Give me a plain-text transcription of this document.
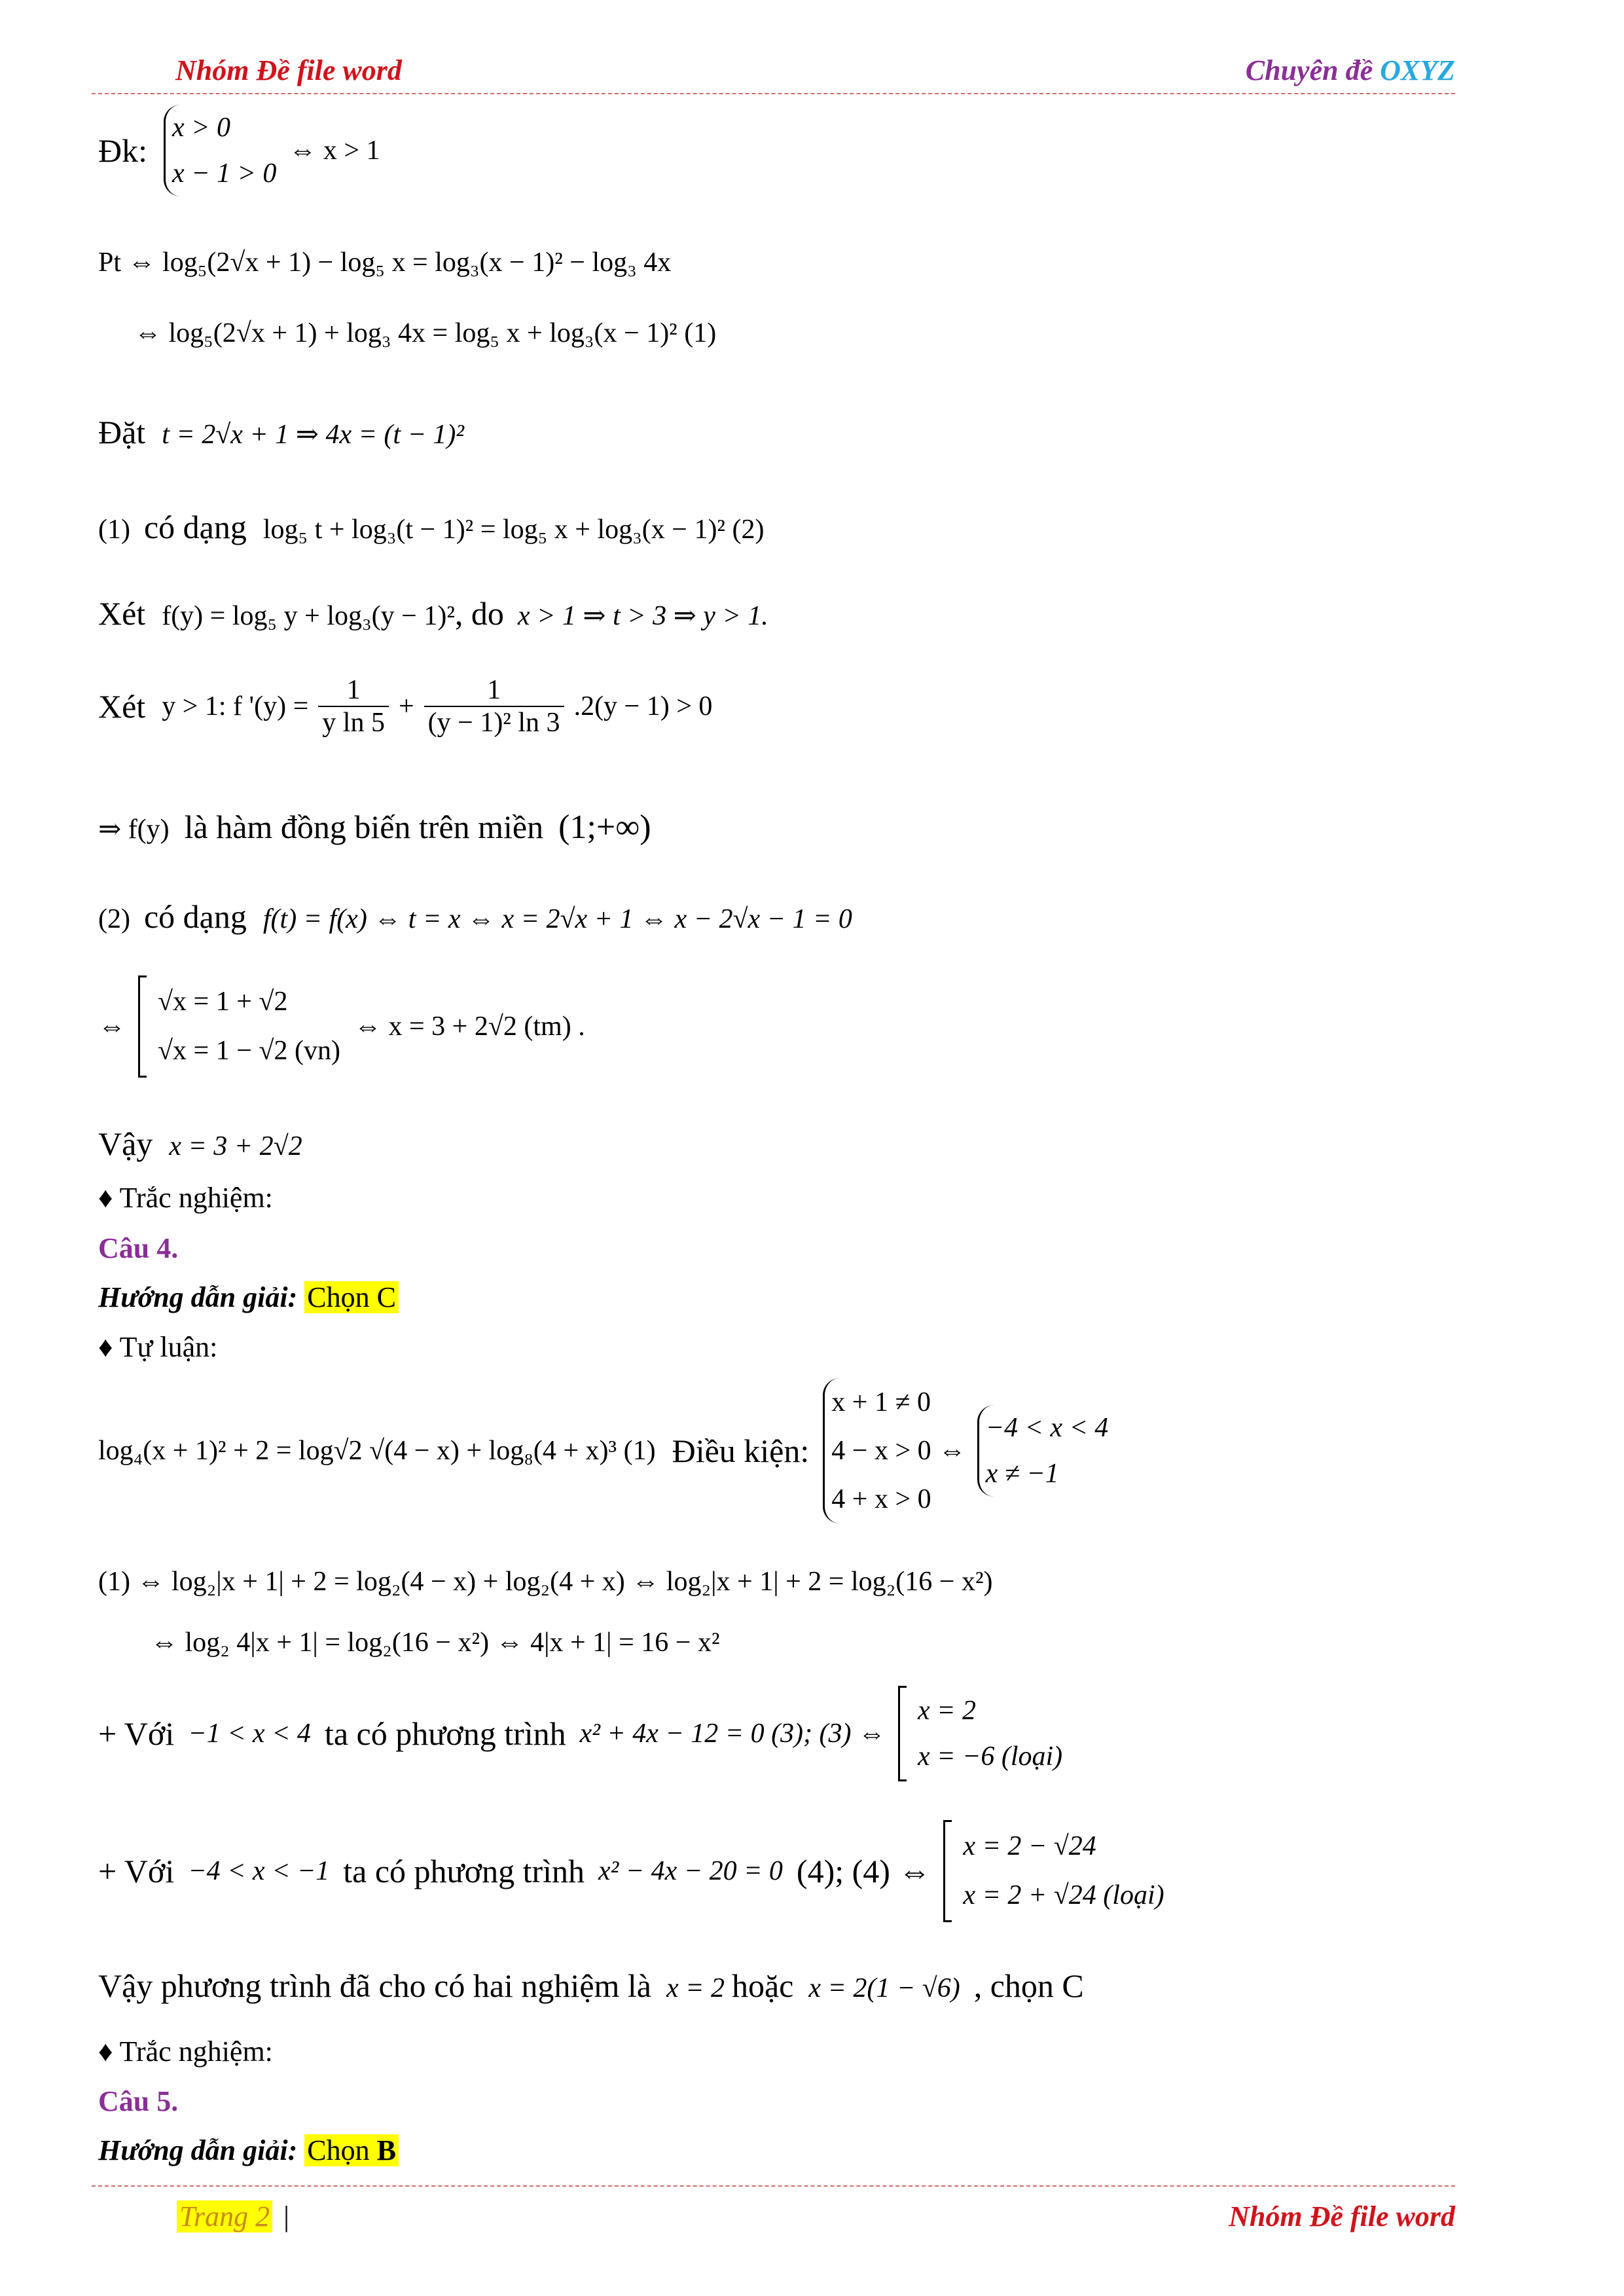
Nhóm Đề file word	Chuyên đề OXYZ
Đk:
x > 0
x − 1 > 0
⇔ x > 1
Pt ⇔ log₅(2√x + 1) − log₅ x = log₃(x − 1)² − log₃ 4x
⇔ log₅(2√x + 1) + log₃ 4x = log₅ x + log₃(x − 1)² (1)
Đặt t = 2√x + 1 ⇒ 4x = (t − 1)²
(1) có dạng log₅ t + log₃(t − 1)² = log₅ x + log₃(x − 1)² (2)
Xét f(y) = log₅ y + log₃(y − 1)², do x > 1 ⇒ t > 3 ⇒ y > 1.
Xét y > 1: f '$(y) = \frac{1}{\text{y ln 5}} + \frac{1}{\text{(y − 1)² ln 3}} .2(y - 1) > 0$
⇒ f(y) là hàm đồng biến trên miền (1;+∞)
(2) có dạng f(t) = f(x) ⇔ t = x ⇔ x = 2√x + 1 ⇔ x − 2√x − 1 = 0
⇔
√x = 1 + √2
√x = 1 − √2 (vn)
⇔ x = 3 + 2√2 (tm) .
Vậy x = 3 + 2√2
♦ Trắc nghiệm:
Câu 4.
Hướng dẫn giải: Chọn C
♦ Tự luận:
log₄(x + 1)² + 2 = log√2 √(4 − x) + log₈(4 + x)³ (1) Điều kiện:
x + 1 ≠ 0
4 − x > 0
4 + x > 0
⇔
−4 < x < 4
x ≠ −1
(1) ⇔ log₂|x + 1| + 2 = log₂(4 − x) + log₂(4 + x) ⇔ log₂|x + 1| + 2 = log₂(16 − x²)
⇔ log₂ 4|x + 1| = log₂(16 − x²) ⇔ 4|x + 1| = 16 − x²
+ Với −1 < x < 4 ta có phương trình x² + 4x − 12 = 0 (3); (3) ⇔
x = 2
x = −6 (loại)
+ Với −4 < x < −1 ta có phương trình x² − 4x − 20 = 0 (4); (4) ⇔
x = 2 − √24
x = 2 + √24 (loại)
Vậy phương trình đã cho có hai nghiệm là x = 2 hoặc x = 2(1 − √6) , chọn C
♦ Trắc nghiệm:
Câu 5.
Hướng dẫn giải: Chọn B
Trang 2 |	Nhóm Đề file word
